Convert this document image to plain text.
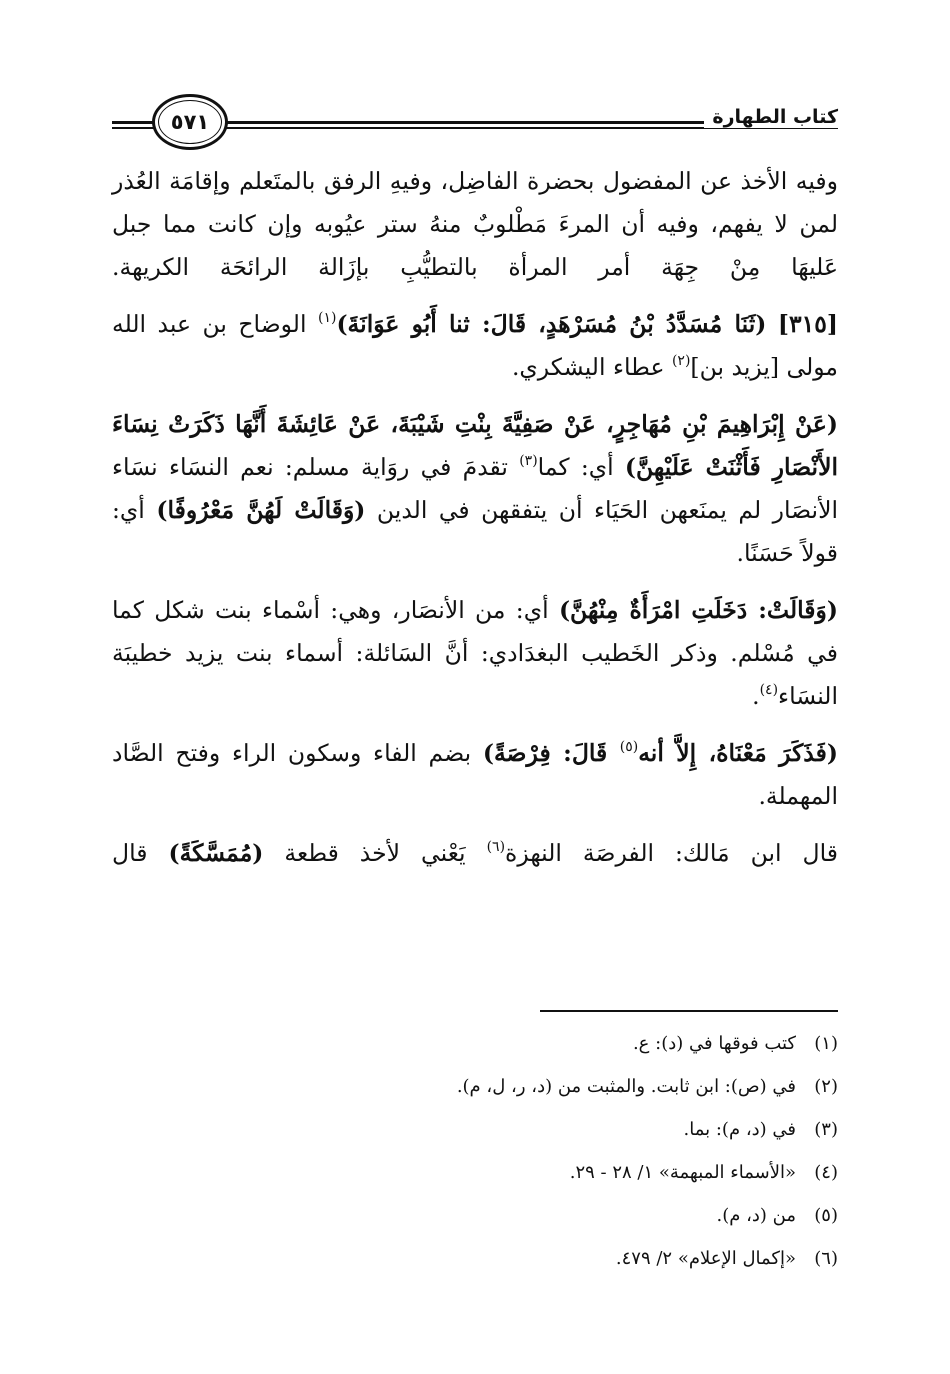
كتاب الطهارة
٥٧١

وفيه الأخذ عن المفضول بحضرة الفاضِل، وفيهِ الرفق بالمتَعلم وإقامَة العُذر لمن لا يفهم، وفيه أن المرءَ مَطْلوبٌ منهُ ستر عيُوبه وإن كانت مما جبل عَليهَا مِنْ جِهَة أمر المرأة بالتطيُّبِ بإزَالة الرائحَة الكريهة.

[٣١٥] (ثَنَا مُسَدَّدُ بْنُ مُسَرْهَدٍ، قَالَ: ثنا أَبُو عَوَانَةَ)$^{(١)}$ الوضاح بن عبد الله مولى [يزيد بن]$^{(٢)}$ عطاء اليشكري.

(عَنْ إِبْرَاهِيمَ بْنِ مُهَاجِرٍ، عَنْ صَفِيَّةَ بِنْتِ شَيْبَةَ، عَنْ عَائِشَةَ أَنَّهَا ذَكَرَتْ نِسَاءَ الأَنْصَارِ فَأَثْنَتْ عَلَيْهِنَّ) أي: كما$^{(٣)}$ تقدمَ في روَاية مسلم: نعم النسَاء نسَاء الأنصَار لم يمنَعهن الحَيَاء أن يتفقهن في الدين (وَقَالَتْ لَهُنَّ مَعْرُوفًا) أي: قولاً حَسَنًا.

(وَقَالَتْ: دَخَلَتِ امْرَأَةٌ مِنْهُنَّ) أي: من الأنصَار، وهي: أسْماء بنت شكل كما في مُسْلم. وذكر الخَطيب البغدَادي: أنَّ السَائلة: أسماء بنت يزيد خطيبَة النسَاء$^{(٤)}$.

(فَذَكَرَ مَعْنَاهُ، إِلاَّ أنه$^{(٥)}$ قَالَ: فِرْصَةً) بضم الفاء وسكون الراء وفتح الصَّاد المهملة.

قال ابن مَالك: الفرصَة النهزة$^{(٦)}$ يَعْني لأخذ قطعة (مُمَسَّكَةً) قال

(١)كتب فوقها في (د): ع.
(٢)في (ص): ابن ثابت. والمثبت من (د، ر، ل، م).
(٣)في (د، م): بما.
(٤)«الأسماء المبهمة» ١/ ٢٨ - ٢٩.
(٥)من (د، م).
(٦)«إكمال الإعلام» ٢/ ٤٧٩.
